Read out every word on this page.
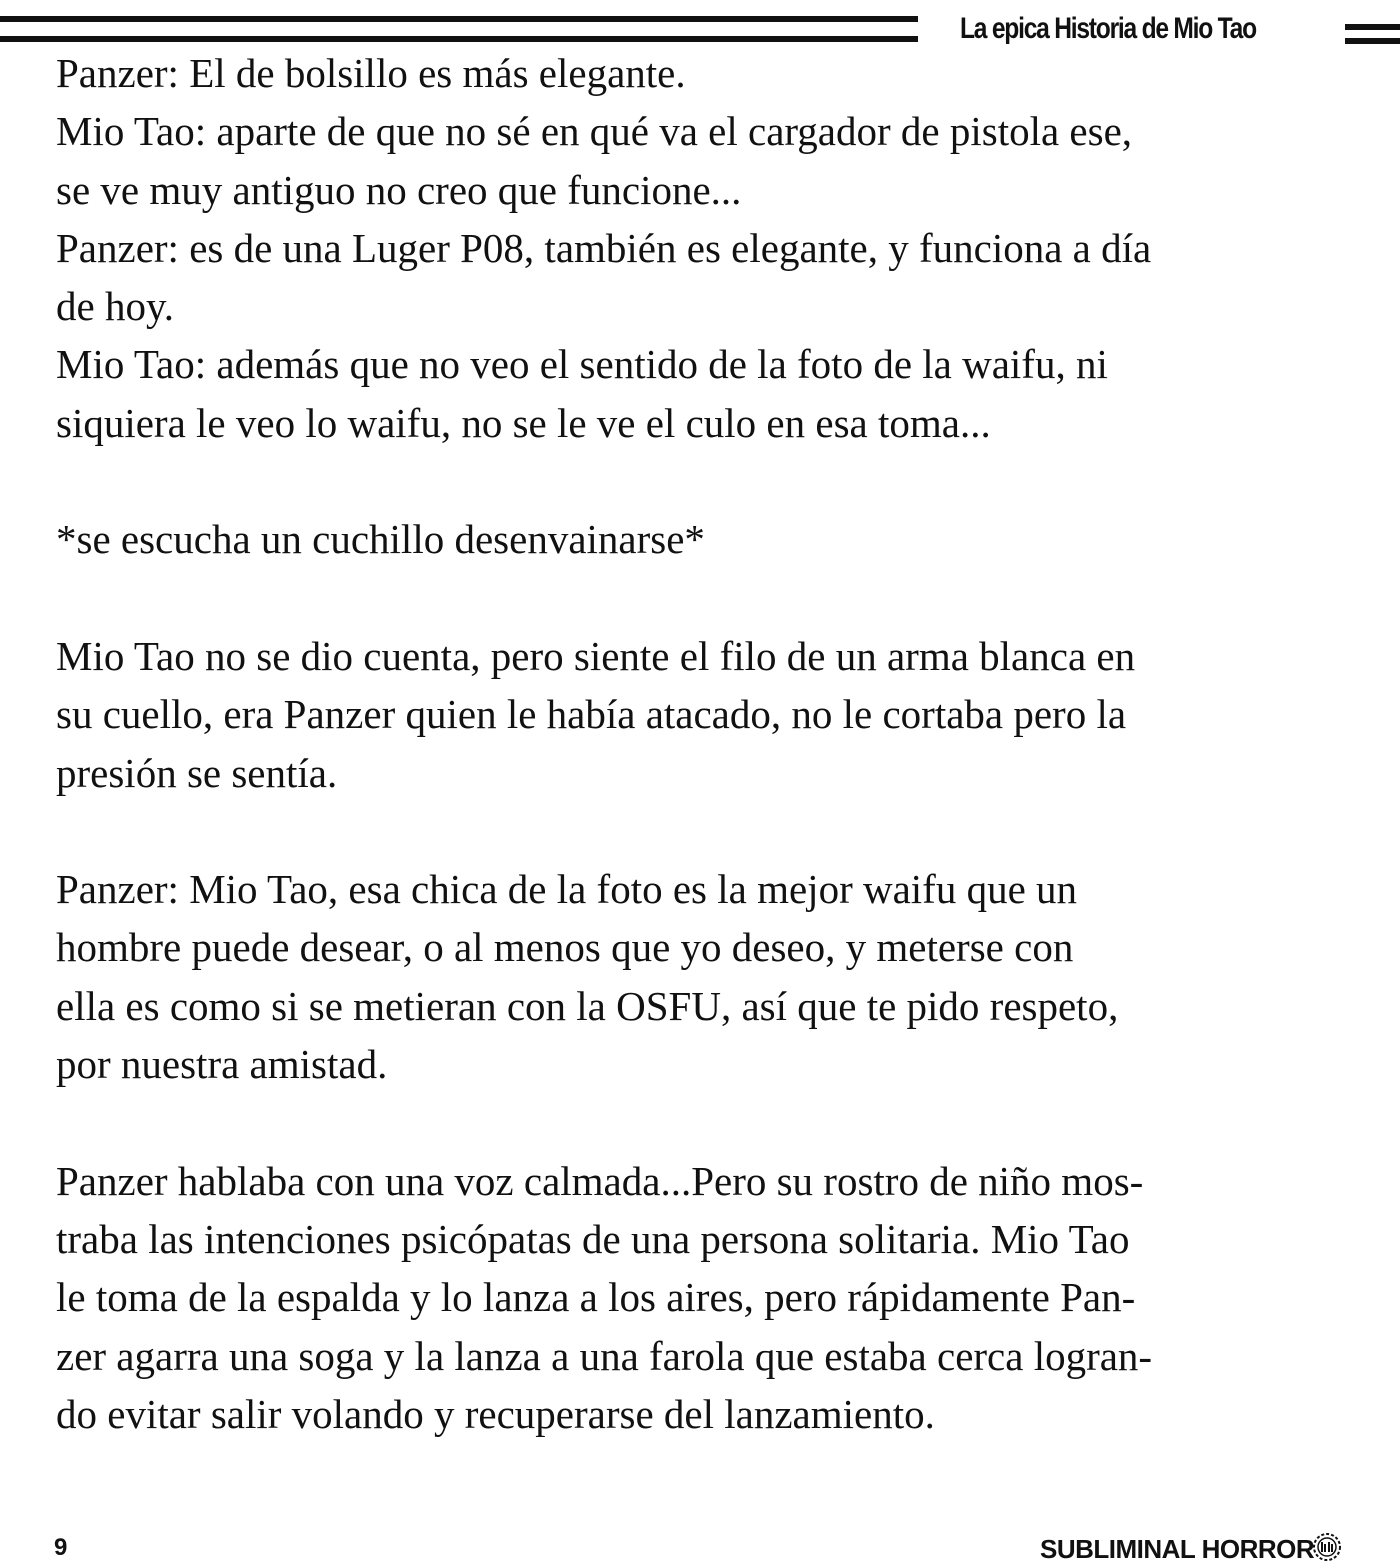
La epica Historia de Mio Tao

Panzer: El de bolsillo es más elegante.

Mio Tao: aparte de que no sé en qué va el cargador de pistola ese,

se ve muy antiguo no creo que funcione...

Panzer: es de una Luger P08, también es elegante, y funciona a día

de hoy.

Mio Tao: además que no veo el sentido de la foto de la waifu, ni

siquiera le veo lo waifu, no se le ve el culo en esa toma...

*se escucha un cuchillo desenvainarse*

Mio Tao no se dio cuenta, pero siente el filo de un arma blanca en

su cuello, era Panzer quien le había atacado, no le cortaba pero la

presión se sentía.

Panzer: Mio Tao, esa chica de la foto es la mejor waifu que un

hombre puede desear, o al menos que yo deseo, y meterse con

ella es como si se metieran con la OSFU, así que te pido respeto,

por nuestra amistad.

Panzer hablaba con una voz calmada...Pero su rostro de niño mos-

traba las intenciones psicópatas de una persona solitaria. Mio Tao

le toma de la espalda y lo lanza a los aires, pero rápidamente Pan-

zer agarra una soga y la lanza a una farola que estaba cerca logran-

do evitar salir volando y recuperarse del lanzamiento.

9	SUBLIMINAL HORROR
